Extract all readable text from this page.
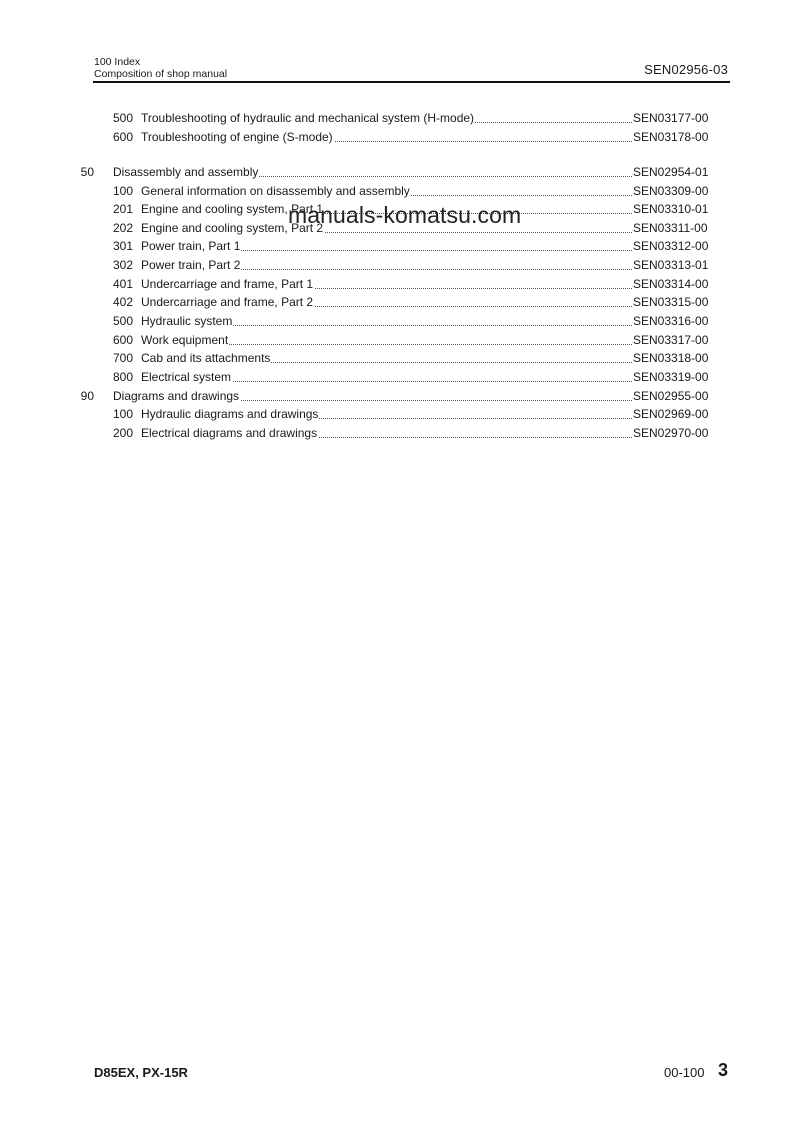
100 Index
Composition of shop manual	SEN02956-03
500 Troubleshooting of hydraulic and mechanical system (H-mode)	SEN03177-00
600 Troubleshooting of engine (S-mode)	SEN03178-00
50 Disassembly and assembly	SEN02954-01
100 General information on disassembly and assembly	SEN03309-00
201 Engine and cooling system, Part 1	SEN03310-01
202 Engine and cooling system, Part 2	SEN03311-00
301 Power train, Part 1	SEN03312-00
302 Power train, Part 2	SEN03313-01
401 Undercarriage and frame, Part 1	SEN03314-00
402 Undercarriage and frame, Part 2	SEN03315-00
500 Hydraulic system	SEN03316-00
600 Work equipment	SEN03317-00
700 Cab and its attachments	SEN03318-00
800 Electrical system	SEN03319-00
90 Diagrams and drawings	SEN02955-00
100 Hydraulic diagrams and drawings	SEN02969-00
200 Electrical diagrams and drawings	SEN02970-00
manuals-komatsu.com
D85EX, PX-15R	00-100 3
